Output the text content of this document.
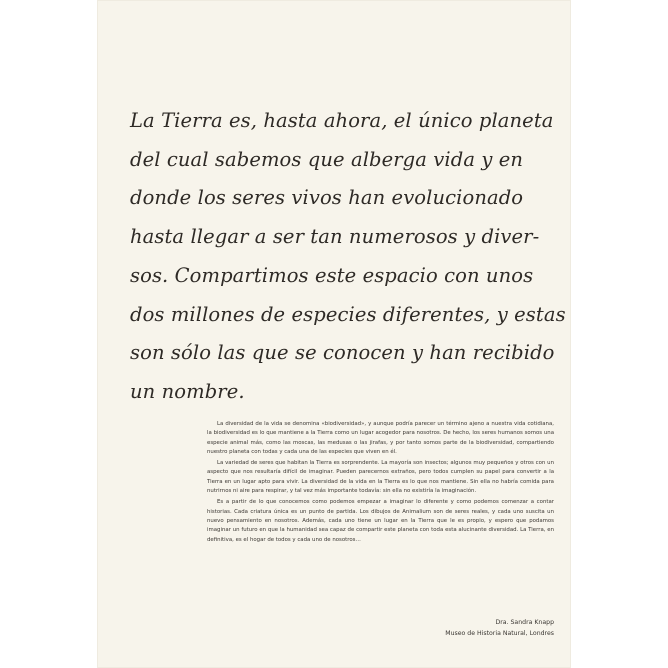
La Tierra es, hasta ahora, el único planeta
del cual sabemos que alberga vida y en
donde los seres vivos han evolucionado
hasta llegar a ser tan numerosos y diver-
sos. Compartimos este espacio con unos
dos millones de especies diferentes, y estas
son sólo las que se conocen y han recibido
un nombre.

La diversidad de la vida se denomina «biodiversidad», y aunque podría parecer un término ajeno a nuestra vida cotidiana, la biodiversidad es lo que mantiene a la Tierra como un lugar acogedor para nosotros. De hecho, los seres humanos somos una especie animal más, como las moscas, las medusas o las jirafas, y por tanto somos parte de la biodiversidad, compartiendo nuestro planeta con todas y cada una de las especies que viven en él.

La variedad de seres que habitan la Tierra es sorprendente. La mayoría son insectos; algunos muy pequeños y otros con un aspecto que nos resultaría difícil de imaginar. Pueden parecernos extraños, pero todos cumplen su papel para convertir a la Tierra en un lugar apto para vivir. La diversidad de la vida en la Tierra es lo que nos mantiene. Sin ella no habría comida para nutrirnos ni aire para respirar, y tal vez más importante todavía: sin ella no existiría la imaginación.

Es a partir de lo que conocemos como podemos empezar a imaginar lo diferente y como podemos comenzar a contar historias. Cada criatura única es un punto de partida. Los dibujos de Animalium son de seres reales, y cada uno suscita un nuevo pensamiento en nosotros. Además, cada uno tiene un lugar en la Tierra que le es propio, y espero que podamos imaginar un futuro en que la humanidad sea capaz de compartir este planeta con toda esta alucinante diversidad. La Tierra, en definitiva, es el hogar de todos y cada uno de nosotros…

Dra. Sandra Knapp
Museo de Historia Natural, Londres
